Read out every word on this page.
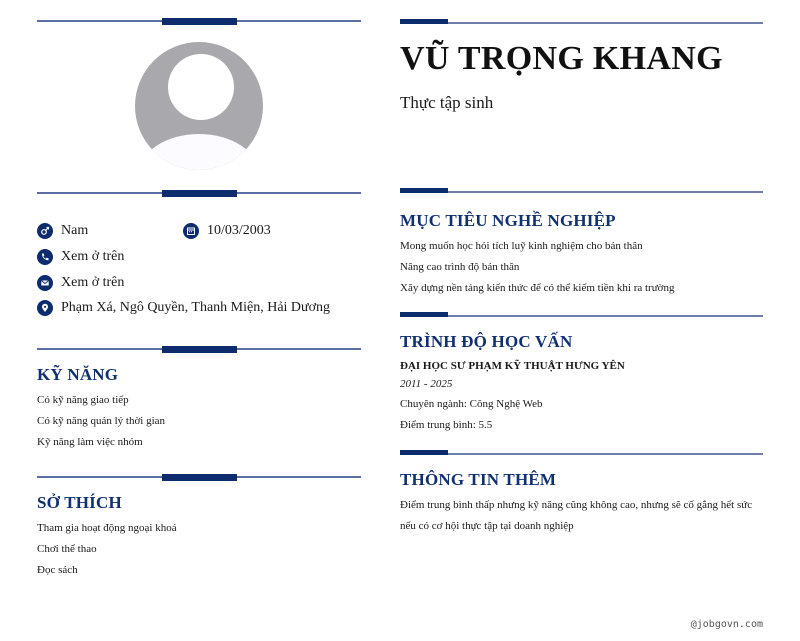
Nam	10/03/2003
Xem ở trên
Xem ở trên
Phạm Xá, Ngô Quyền, Thanh Miện, Hải Dương
KỸ NĂNG
Có kỹ năng giao tiếp
Có kỹ năng quản lý thời gian
Kỹ năng làm việc nhóm
SỞ THÍCH
Tham gia hoạt động ngoại khoá
Chơi thể thao
Đọc sách
VŨ TRỌNG KHANG
Thực tập sinh
MỤC TIÊU NGHỀ NGHIỆP
Mong muốn học hỏi tích luỹ kinh nghiệm cho bản thân
Nâng cao trình độ bản thân
Xây dựng nền tảng kiến thức để có thể kiếm tiền khi ra trường
TRÌNH ĐỘ HỌC VẤN
ĐẠI HỌC SƯ PHẠM KỸ THUẬT HƯNG YÊN
2011 - 2025
Chuyên ngành: Công Nghệ Web
Điểm trung bình: 5.5
THÔNG TIN THÊM
Điểm trung bình thấp nhưng kỹ năng cũng không cao, nhưng sẽ cố gắng hết sức nếu có cơ hội thực tập tại doanh nghiệp
@jobgovn.com
